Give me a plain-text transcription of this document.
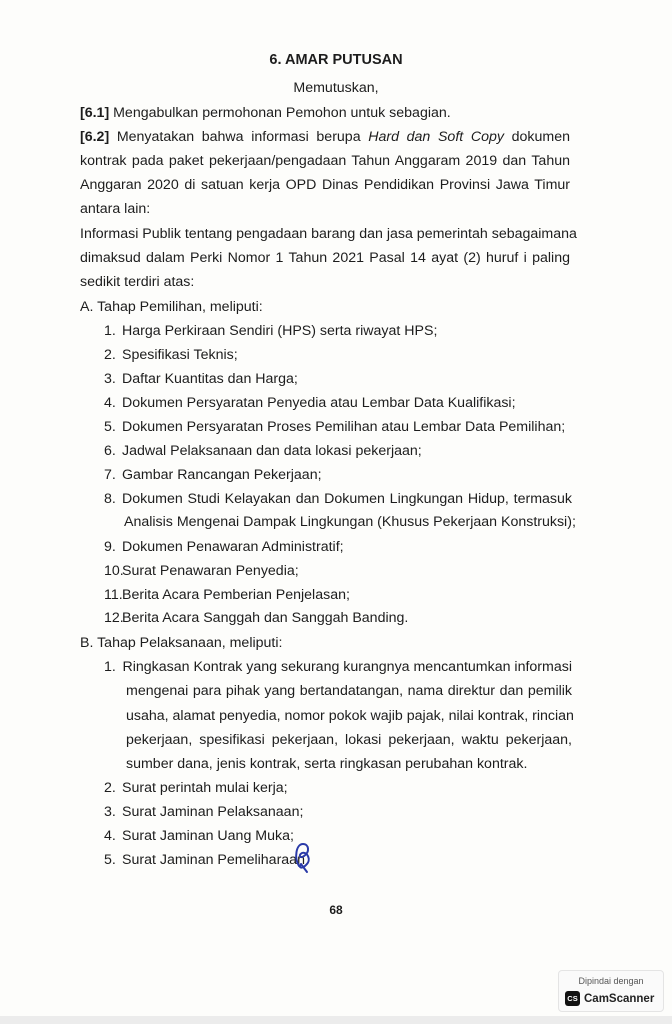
6. AMAR PUTUSAN
Memutuskan,
[6.1] Mengabulkan permohonan Pemohon untuk sebagian.
[6.2] Menyatakan bahwa informasi berupa Hard dan Soft Copy dokumen
kontrak pada paket pekerjaan/pengadaan Tahun Anggaram 2019 dan Tahun
Anggaran 2020 di satuan kerja OPD Dinas Pendidikan Provinsi Jawa Timur
antara lain:
Informasi Publik tentang pengadaan barang dan jasa pemerintah sebagaimana
dimaksud dalam Perki Nomor 1 Tahun 2021 Pasal 14 ayat (2) huruf i paling
sedikit terdiri atas:
A. Tahap Pemilihan, meliputi:
1. Harga Perkiraan Sendiri (HPS) serta riwayat HPS;
2. Spesifikasi Teknis;
3. Daftar Kuantitas dan Harga;
4. Dokumen Persyaratan Penyedia atau Lembar Data Kualifikasi;
5. Dokumen Persyaratan Proses Pemilihan atau Lembar Data Pemilihan;
6. Jadwal Pelaksanaan dan data lokasi pekerjaan;
7. Gambar Rancangan Pekerjaan;
8. Dokumen Studi Kelayakan dan Dokumen Lingkungan Hidup, termasuk
Analisis Mengenai Dampak Lingkungan (Khusus Pekerjaan Konstruksi);
9. Dokumen Penawaran Administratif;
10.
Surat Penawaran Penyedia;
11. Berita Acara Pemberian Penjelasan;
12.
Berita Acara Sanggah dan Sanggah Banding.
B. Tahap Pelaksanaan, meliputi:
1. Ringkasan Kontrak yang sekurang kurangnya mencantumkan informasi
mengenai para pihak yang bertandatangan, nama direktur dan pemilik
usaha, alamat penyedia, nomor pokok wajib pajak, nilai kontrak, rincian
pekerjaan, spesifikasi pekerjaan, lokasi pekerjaan, waktu pekerjaan,
sumber dana, jenis kontrak, serta ringkasan perubahan kontrak.
2. Surat perintah mulai kerja;
3. Surat Jaminan Pelaksanaan;
4. Surat Jaminan Uang Muka;
5. Surat Jaminan Pemeliharaan
68
Dipindai dengan
CS CamScanner
